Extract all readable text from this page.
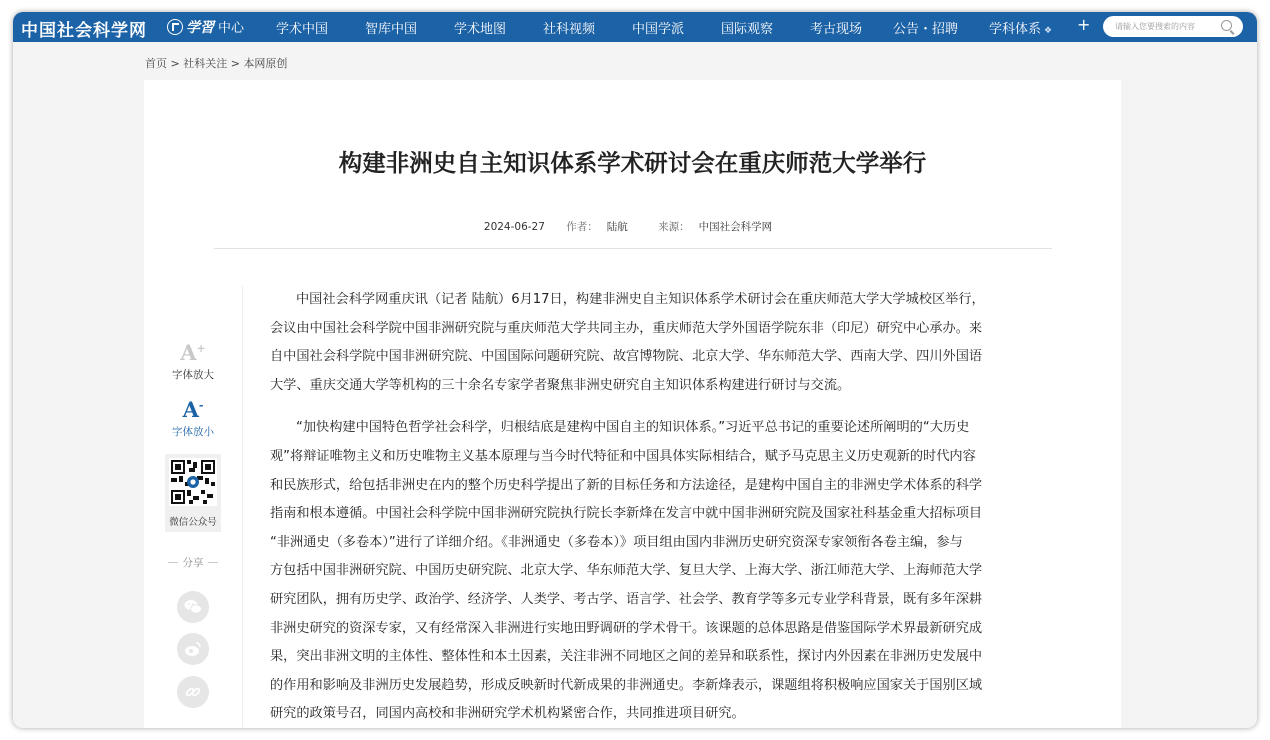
中国社会科学网	学習 中心 学术中国	智库中国	学术地图	社科视频	中国学派	国际观察	考古现场 公告・招聘 学科体系 ❖ +
请输入您要搜索的内容
首页 > 社科关注 > 本网原创
构建非洲史自主知识体系学术研讨会在重庆师范大学举行
2024-06-27 作者： 陆航	来源： 中国社会科学网
A+
字体放大
A-
字体放小
微信公众号
分享

中国社会科学网重庆讯（记者 陆航）6月17日，构建非洲史自主知识体系学术研讨会在重庆师范大学大学城校区举行，
会议由中国社会科学院中国非洲研究院与重庆师范大学共同主办，重庆师范大学外国语学院东非（印尼）研究中心承办。来
自中国社会科学院中国非洲研究院、中国国际问题研究院、故宫博物院、北京大学、华东师范大学、西南大学、四川外国语
大学、重庆交通大学等机构的三十余名专家学者聚焦非洲史研究自主知识体系构建进行研讨与交流。

“加快构建中国特色哲学社会科学，归根结底是建构中国自主的知识体系。”习近平总书记的重要论述所阐明的“大历史
观”将辩证唯物主义和历史唯物主义基本原理与当今时代特征和中国具体实际相结合，赋予马克思主义历史观新的时代内容
和民族形式，给包括非洲史在内的整个历史科学提出了新的目标任务和方法途径，是建构中国自主的非洲史学术体系的科学
指南和根本遵循。中国社会科学院中国非洲研究院执行院长李新烽在发言中就中国非洲研究院及国家社科基金重大招标项目
“非洲通史（多卷本）”进行了详细介绍。《非洲通史（多卷本）》项目组由国内非洲历史研究资深专家领衔各卷主编，参与
方包括中国非洲研究院、中国历史研究院、北京大学、华东师范大学、复旦大学、上海大学、浙江师范大学、上海师范大学
研究团队，拥有历史学、政治学、经济学、人类学、考古学、语言学、社会学、教育学等多元专业学科背景，既有多年深耕
非洲史研究的资深专家，又有经常深入非洲进行实地田野调研的学术骨干。该课题的总体思路是借鉴国际学术界最新研究成
果，突出非洲文明的主体性、整体性和本土因素，关注非洲不同地区之间的差异和联系性，探讨内外因素在非洲历史发展中
的作用和影响及非洲历史发展趋势，形成反映新时代新成果的非洲通史。李新烽表示，课题组将积极响应国家关于国别区域
研究的政策号召，同国内高校和非洲研究学术机构紧密合作，共同推进项目研究。
